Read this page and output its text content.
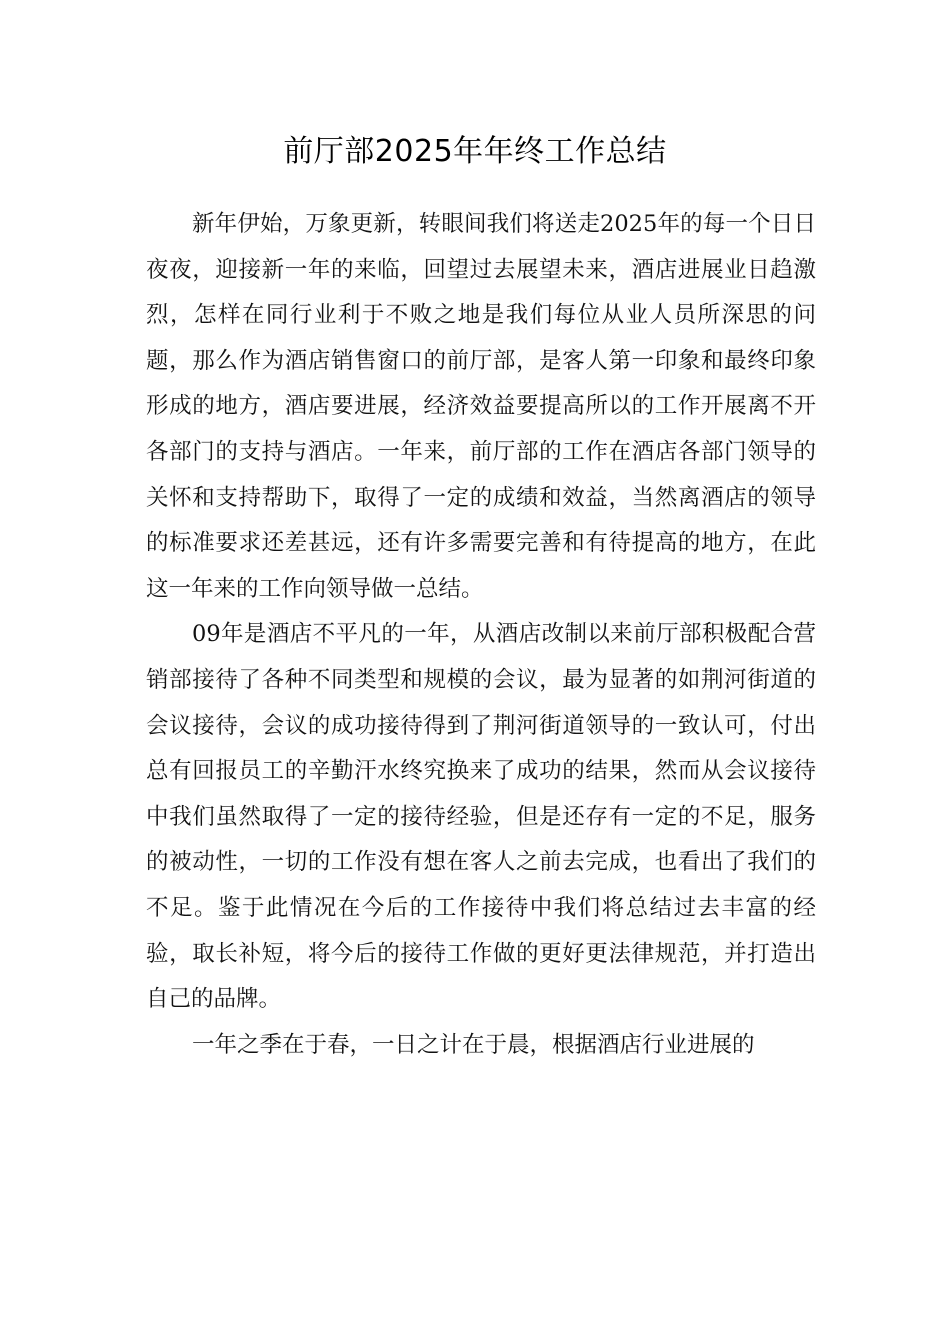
前厅部2025年年终工作总结

新年伊始，万象更新，转眼间我们将送走2025年的每一个日日夜夜，迎接新一年的来临，回望过去展望未来，酒店进展业日趋激烈，怎样在同行业利于不败之地是我们每位从业人员所深思的问题，那么作为酒店销售窗口的前厅部，是客人第一印象和最终印象形成的地方，酒店要进展，经济效益要提高所以的工作开展离不开各部门的支持与酒店。一年来，前厅部的工作在酒店各部门领导的关怀和支持帮助下，取得了一定的成绩和效益，当然离酒店的领导的标准要求还差甚远，还有许多需要完善和有待提高的地方，在此这一年来的工作向领导做一总结。

09年是酒店不平凡的一年，从酒店改制以来前厅部积极配合营销部接待了各种不同类型和规模的会议，最为显著的如荆河街道的会议接待，会议的成功接待得到了荆河街道领导的一致认可，付出总有回报员工的辛勤汗水终究换来了成功的结果，然而从会议接待中我们虽然取得了一定的接待经验，但是还存有一定的不足，服务的被动性，一切的工作没有想在客人之前去完成，也看出了我们的不足。鉴于此情况在今后的工作接待中我们将总结过去丰富的经验，取长补短，将今后的接待工作做的更好更法律规范，并打造出自己的品牌。

一年之季在于春，一日之计在于晨，根据酒店行业进展的
